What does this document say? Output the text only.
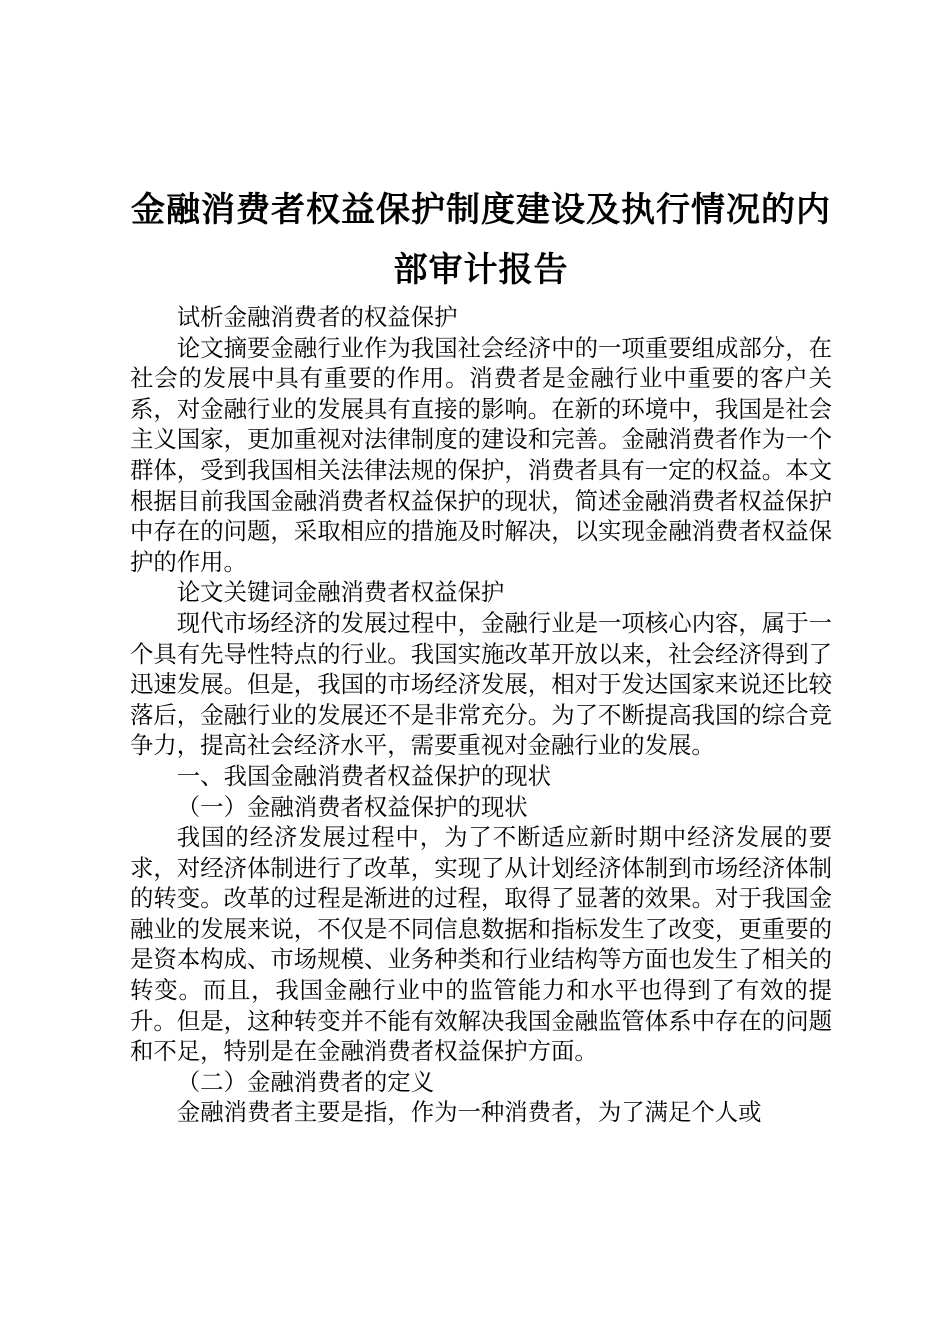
金融消费者权益保护制度建设及执行情况的内部审计报告

试析金融消费者的权益保护

论文摘要金融行业作为我国社会经济中的一项重要组成部分，在社会的发展中具有重要的作用。消费者是金融行业中重要的客户关系，对金融行业的发展具有直接的影响。在新的环境中，我国是社会主义国家，更加重视对法律制度的建设和完善。金融消费者作为一个群体，受到我国相关法律法规的保护，消费者具有一定的权益。本文根据目前我国金融消费者权益保护的现状，简述金融消费者权益保护中存在的问题，采取相应的措施及时解决，以实现金融消费者权益保护的作用。

论文关键词金融消费者权益保护

现代市场经济的发展过程中，金融行业是一项核心内容，属于一个具有先导性特点的行业。我国实施改革开放以来，社会经济得到了迅速发展。但是，我国的市场经济发展，相对于发达国家来说还比较落后，金融行业的发展还不是非常充分。为了不断提高我国的综合竞争力，提高社会经济水平，需要重视对金融行业的发展。

一、我国金融消费者权益保护的现状

（一）金融消费者权益保护的现状

我国的经济发展过程中，为了不断适应新时期中经济发展的要求，对经济体制进行了改革，实现了从计划经济体制到市场经济体制的转变。改革的过程是渐进的过程，取得了显著的效果。对于我国金融业的发展来说，不仅是不同信息数据和指标发生了改变，更重要的是资本构成、市场规模、业务种类和行业结构等方面也发生了相关的转变。而且，我国金融行业中的监管能力和水平也得到了有效的提升。但是，这种转变并不能有效解决我国金融监管体系中存在的问题和不足，特别是在金融消费者权益保护方面。

（二）金融消费者的定义

金融消费者主要是指，作为一种消费者，为了满足个人或
